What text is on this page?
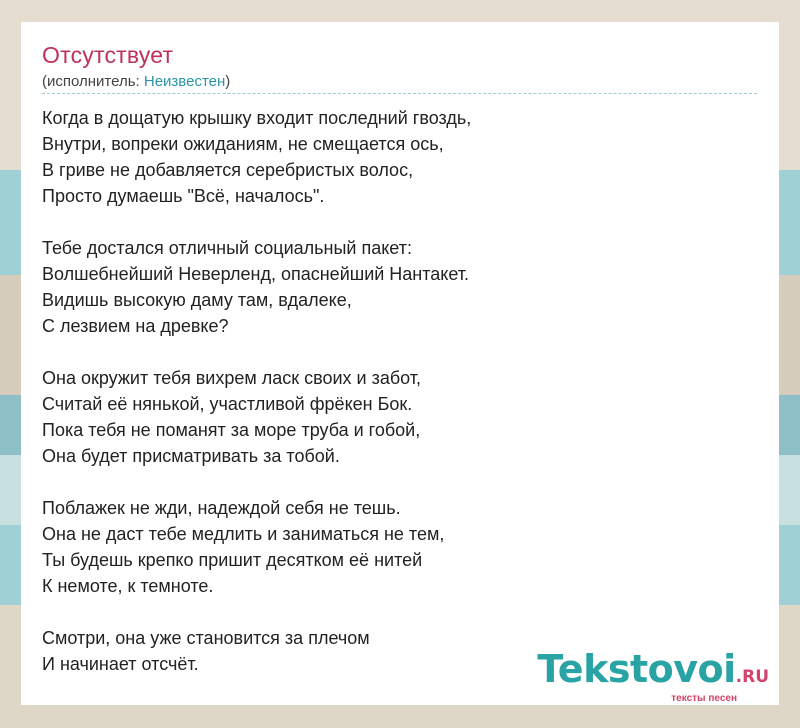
Отсутствует
(исполнитель: Неизвестен)
Когда в дощатую крышку входит последний гвоздь,
Внутри, вопреки ожиданиям, не смещается ось,
В гриве не добавляется серебристых волос,
Просто думаешь "Всё, началось".
Тебе достался отличный социальный пакет:
Волшебнейший Неверленд, опаснейший Нантакет.
Видишь высокую даму там, вдалеке,
С лезвием на древке?
Она окружит тебя вихрем ласк своих и забот,
Считай её нянькой, участливой фрёкен Бок.
Пока тебя не поманят за море труба и гобой,
Она будет присматривать за тобой.
Поблажек не жди, надеждой себя не тешь.
Она не даст тебе медлить и заниматься не тем,
Ты будешь крепко пришит десятком её нитей
К немоте, к темноте.
Смотри, она уже становится за плечом
И начинает отсчёт.	Tekstovoi.RU
тексты песен
